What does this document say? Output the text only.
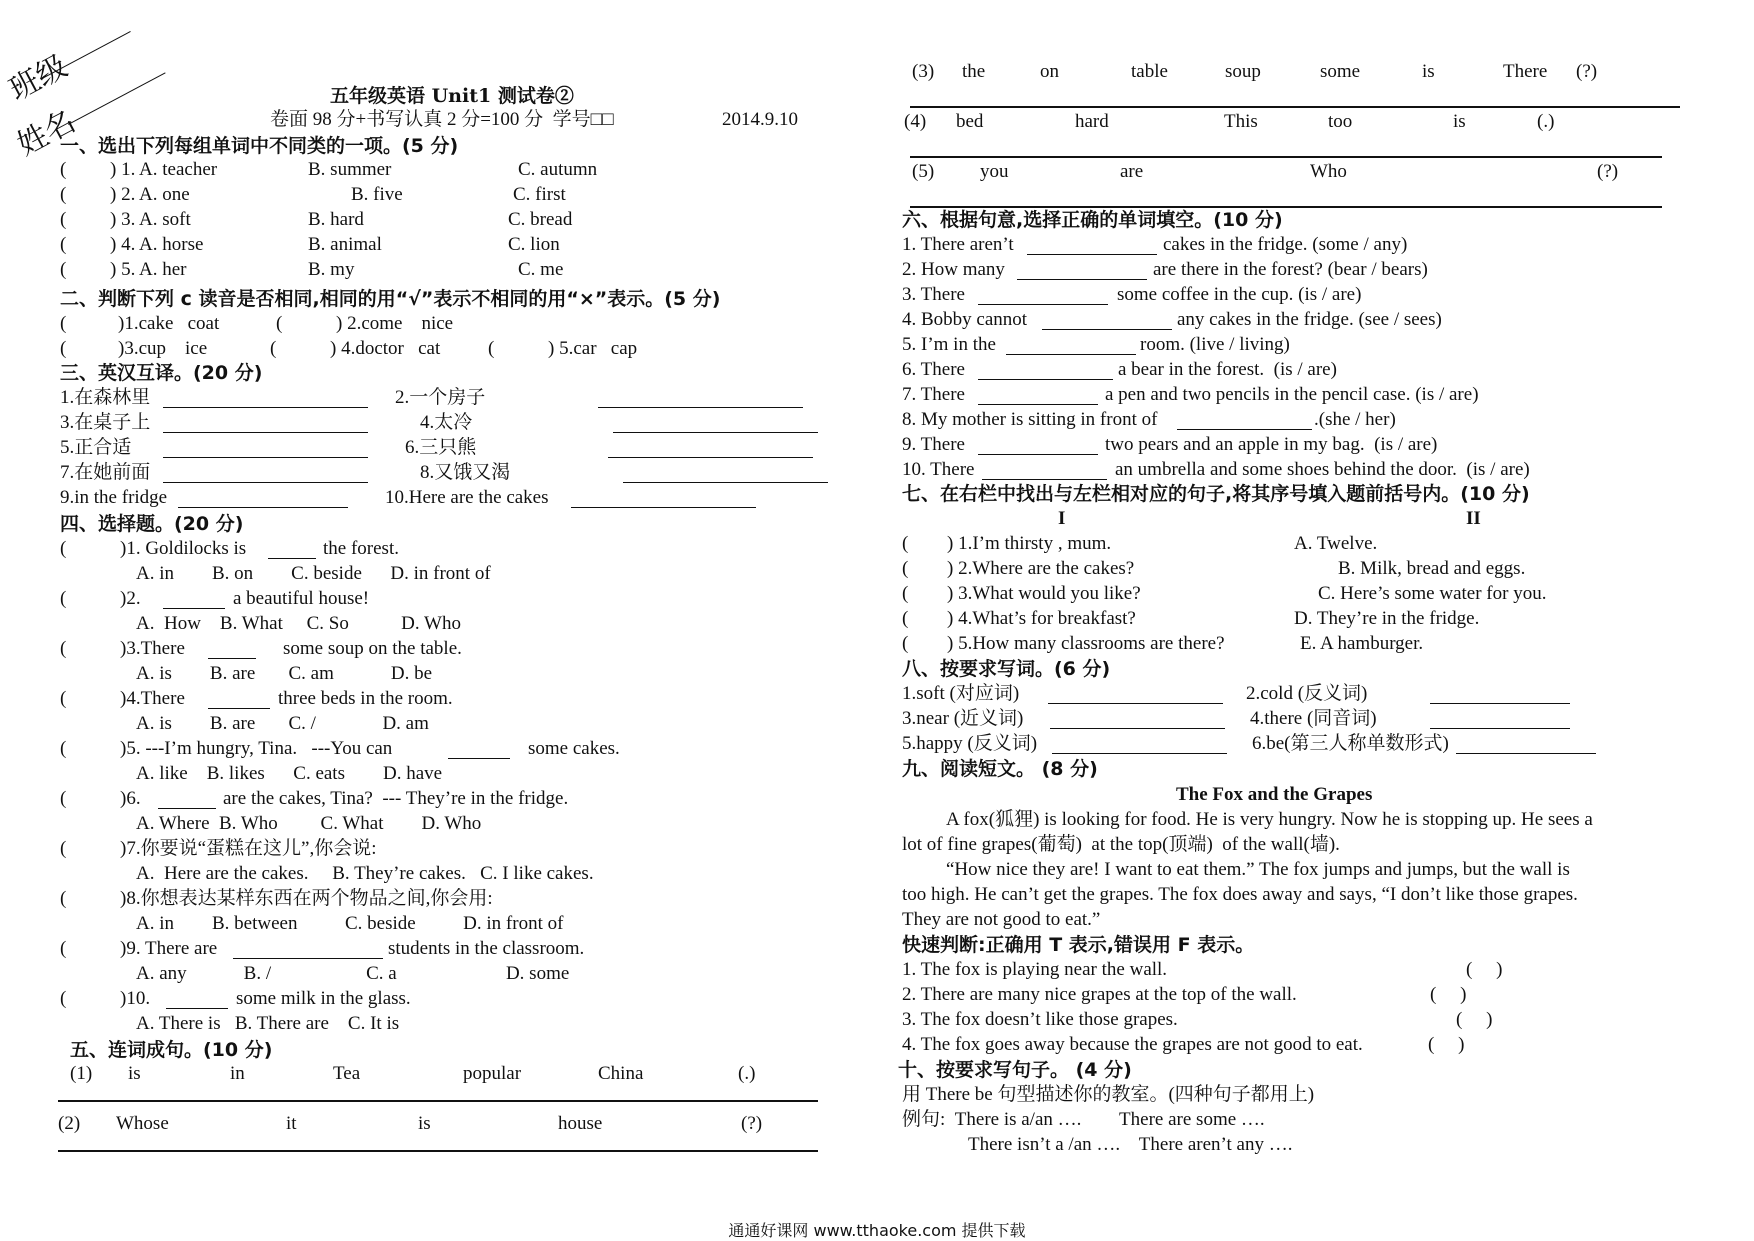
班级
姓名
五年级英语 Unit1 测试卷②
卷面 98 分+书写认真 2 分=100 分  学号□□	2014.9.10
一、选出下列每组单词中不同类的一项。(5 分)
二、判断下列 c 读音是否相同,相同的用“√”表示不相同的用“×”表示。(5 分)
(	)1.cake   coat	(	) 2.come    nice
(	)3.cup    ice	(	) 4.doctor   cat	(	) 5.car   cap
三、英汉互译。(20 分)
四、选择题。(20 分)
五、连词成句。(10 分)
( ) 1. A. teacher	B. summer	C. autumn
( ) 2. A. one	B. five	C. first
( ) 3. A. soft	B. hard	C. bread
( ) 4. A. horse	B. animal	C. lion
( ) 5. A. her	B. my	C. me
1.在森林里	2.一个房子
3.在桌子上	4.太冷
5.正合适	6.三只熊
7.在她前面	8.又饿又渴
9.in the fridge	10.Here are the cakes
(	)1. Goldilocks is	the forest.
A. in        B. on        C. beside      D. in front of
(	)2.	a beautiful house!
A.  How    B. What     C. So           D. Who
(	)3.There	some soup on the table.
A. is        B. are       C. am            D. be
(	)4.There	three beds in the room.
A. is        B. are       C. /              D. am
(	)5. ---I’m hungry, Tina.   ---You can	some cakes.
A. like    B. likes      C. eats        D. have
(	)6.	are the cakes, Tina?  --- They’re in the fridge.
A. Where  B. Who         C. What        D. Who
(	)7.你要说“蛋糕在这儿”,你会说:
A.  Here are the cakes.     B. They’re cakes.   C. I like cakes.
(	)8.你想表达某样东西在两个物品之间,你会用:
A. in        B. between          C. beside          D. in front of
(	)9. There are	students in the classroom.
A. any            B. /                    C. a                       D. some
(	)10.	some milk in the glass.
A. There is   B. There are    C. It is
(1) is	in	Tea	popular	China	(.)
(2) Whose	it	is	house	(?)
六、根据句意,选择正确的单词填空。(10 分)
七、在右栏中找出与左栏相对应的句子,将其序号填入题前括号内。(10 分)
I	II
八、按要求写词。(6 分)
九、阅读短文。 (8 分)
The Fox and the Grapes
A fox(狐狸) is looking for food. He is very hungry. Now he is stopping up. He sees a
lot of fine grapes(葡萄)  at the top(顶端)  of the wall(墙).
“How nice they are! I want to eat them.” The fox jumps and jumps, but the wall is
too high. He can’t get the grapes. The fox does away and says, “I don’t like those grapes.
They are not good to eat.”
快速判断:正确用 T 表示,错误用 F 表示。
十、按要求写句子。 (4 分)
用 There be 句型描述你的教室。(四种句子都用上)
例句:  There is a/an ….        There are some ….
There isn’t a /an ….    There aren’t any ….
(3) the	on	table	soup	some	is	There (?)
(4) bed	hard	This	too	is	(.)
(5) you	are	Who	(?)
1. There aren’t	cakes in the fridge. (some / any)
2. How many	are there in the forest? (bear / bears)
3. There	some coffee in the cup. (is / are)
4. Bobby cannot	any cakes in the fridge. (see / sees)
5. I’m in the	room. (live / living)
6. There	a bear in the forest.  (is / are)
7. There	a pen and two pencils in the pencil case. (is / are)
8. My mother is sitting in front of	.(she / her)
9. There	two pears and an apple in my bag.  (is / are)
10. There	an umbrella and some shoes behind the door.  (is / are)
( ) 1.I’m thirsty , mum.	A. Twelve.
( ) 2.Where are the cakes?	B. Milk, bread and eggs.
( ) 3.What would you like?	C. Here’s some water for you.
( ) 4.What’s for breakfast?	D. They’re in the fridge.
( ) 5.How many classrooms are there?	E. A hamburger.
1.soft (对应词)	2.cold (反义词)
3.near (近义词)	4.there (同音词)
5.happy (反义词)	6.be(第三人称单数形式)
1. The fox is playing near the wall.	(     )
2. There are many nice grapes at the top of the wall.	(     )
3. The fox doesn’t like those grapes.	(     )
4. The fox goes away because the grapes are not good to eat.	(     )
通通好课网 www.tthaoke.com 提供下载
